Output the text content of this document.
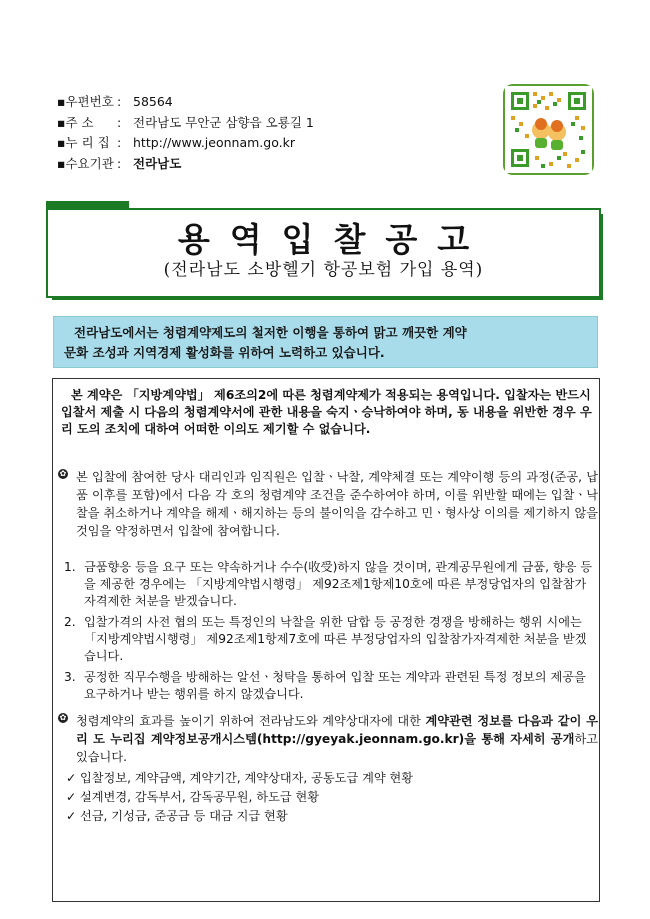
▪우편번호 : 58564
▪주 소	: 전라남도 무안군 삼향읍 오룡길 1
▪누 리 집 : http://www.jeonnam.go.kr
▪수요기관 : 전라남도
용역입찰공고
(전라남도 소방헬기 항공보험 가입 용역)
전라남도에서는 청렴계약제도의 철저한 이행을 통하여 맑고 깨끗한 계약
문화 조성과 지역경제 활성화를 위하여 노력하고 있습니다.
본 계약은 「지방계약법」 제6조의2에 따른 청렴계약제가 적용되는 용역입니다. 입찰자는 반드시 입찰서 제출 시 다음의 청렴계약서에 관한 내용을 숙지ㆍ승낙하여야 하며, 동 내용을 위반한 경우 우리 도의 조치에 대하여 어떠한 이의도 제기할 수 없습니다.
✿ 본 입찰에 참여한 당사 대리인과 임직원은 입찰ㆍ낙찰, 계약체결 또는 계약이행 등의 과정(준공, 납품 이후를 포함)에서 다음 각 호의 청렴계약 조건을 준수하여야 하며, 이를 위반할 때에는 입찰ㆍ낙찰을 취소하거나 계약을 해제ㆍ해지하는 등의 불이익을 감수하고 민ㆍ형사상 이의를 제기하지 않을 것임을 약정하면서 입찰에 참여합니다.
1. 금품향응 등을 요구 또는 약속하거나 수수(收受)하지 않을 것이며, 관계공무원에게 금품, 향응 등을 제공한 경우에는 「지방계약법시행령」 제92조제1항제10호에 따른 부정당업자의 입찰참가자격제한 처분을 받겠습니다.
2. 입찰가격의 사전 협의 또는 특정인의 낙찰을 위한 담합 등 공정한 경쟁을 방해하는 행위 시에는 「지방계약법시행령」 제92조제1항제7호에 따른 부정당업자의 입찰참가자격제한 처분을 받겠습니다.
3. 공정한 직무수행을 방해하는 알선ㆍ청탁을 통하여 입찰 또는 계약과 관련된 특정 정보의 제공을 요구하거나 받는 행위를 하지 않겠습니다.
✿ 청렴계약의 효과를 높이기 위하여 전라남도와 계약상대자에 대한 계약관련 정보를 다음과 같이 우리 도 누리집 계약정보공개시스템(http://gyeyak.jeonnam.go.kr)을 통해 자세히 공개하고 있습니다.
✓ 입찰정보, 계약금액, 계약기간, 계약상대자, 공동도급 계약 현황
✓ 설계변경, 감독부서, 감독공무원, 하도급 현황
✓ 선금, 기성금, 준공금 등 대금 지급 현황
